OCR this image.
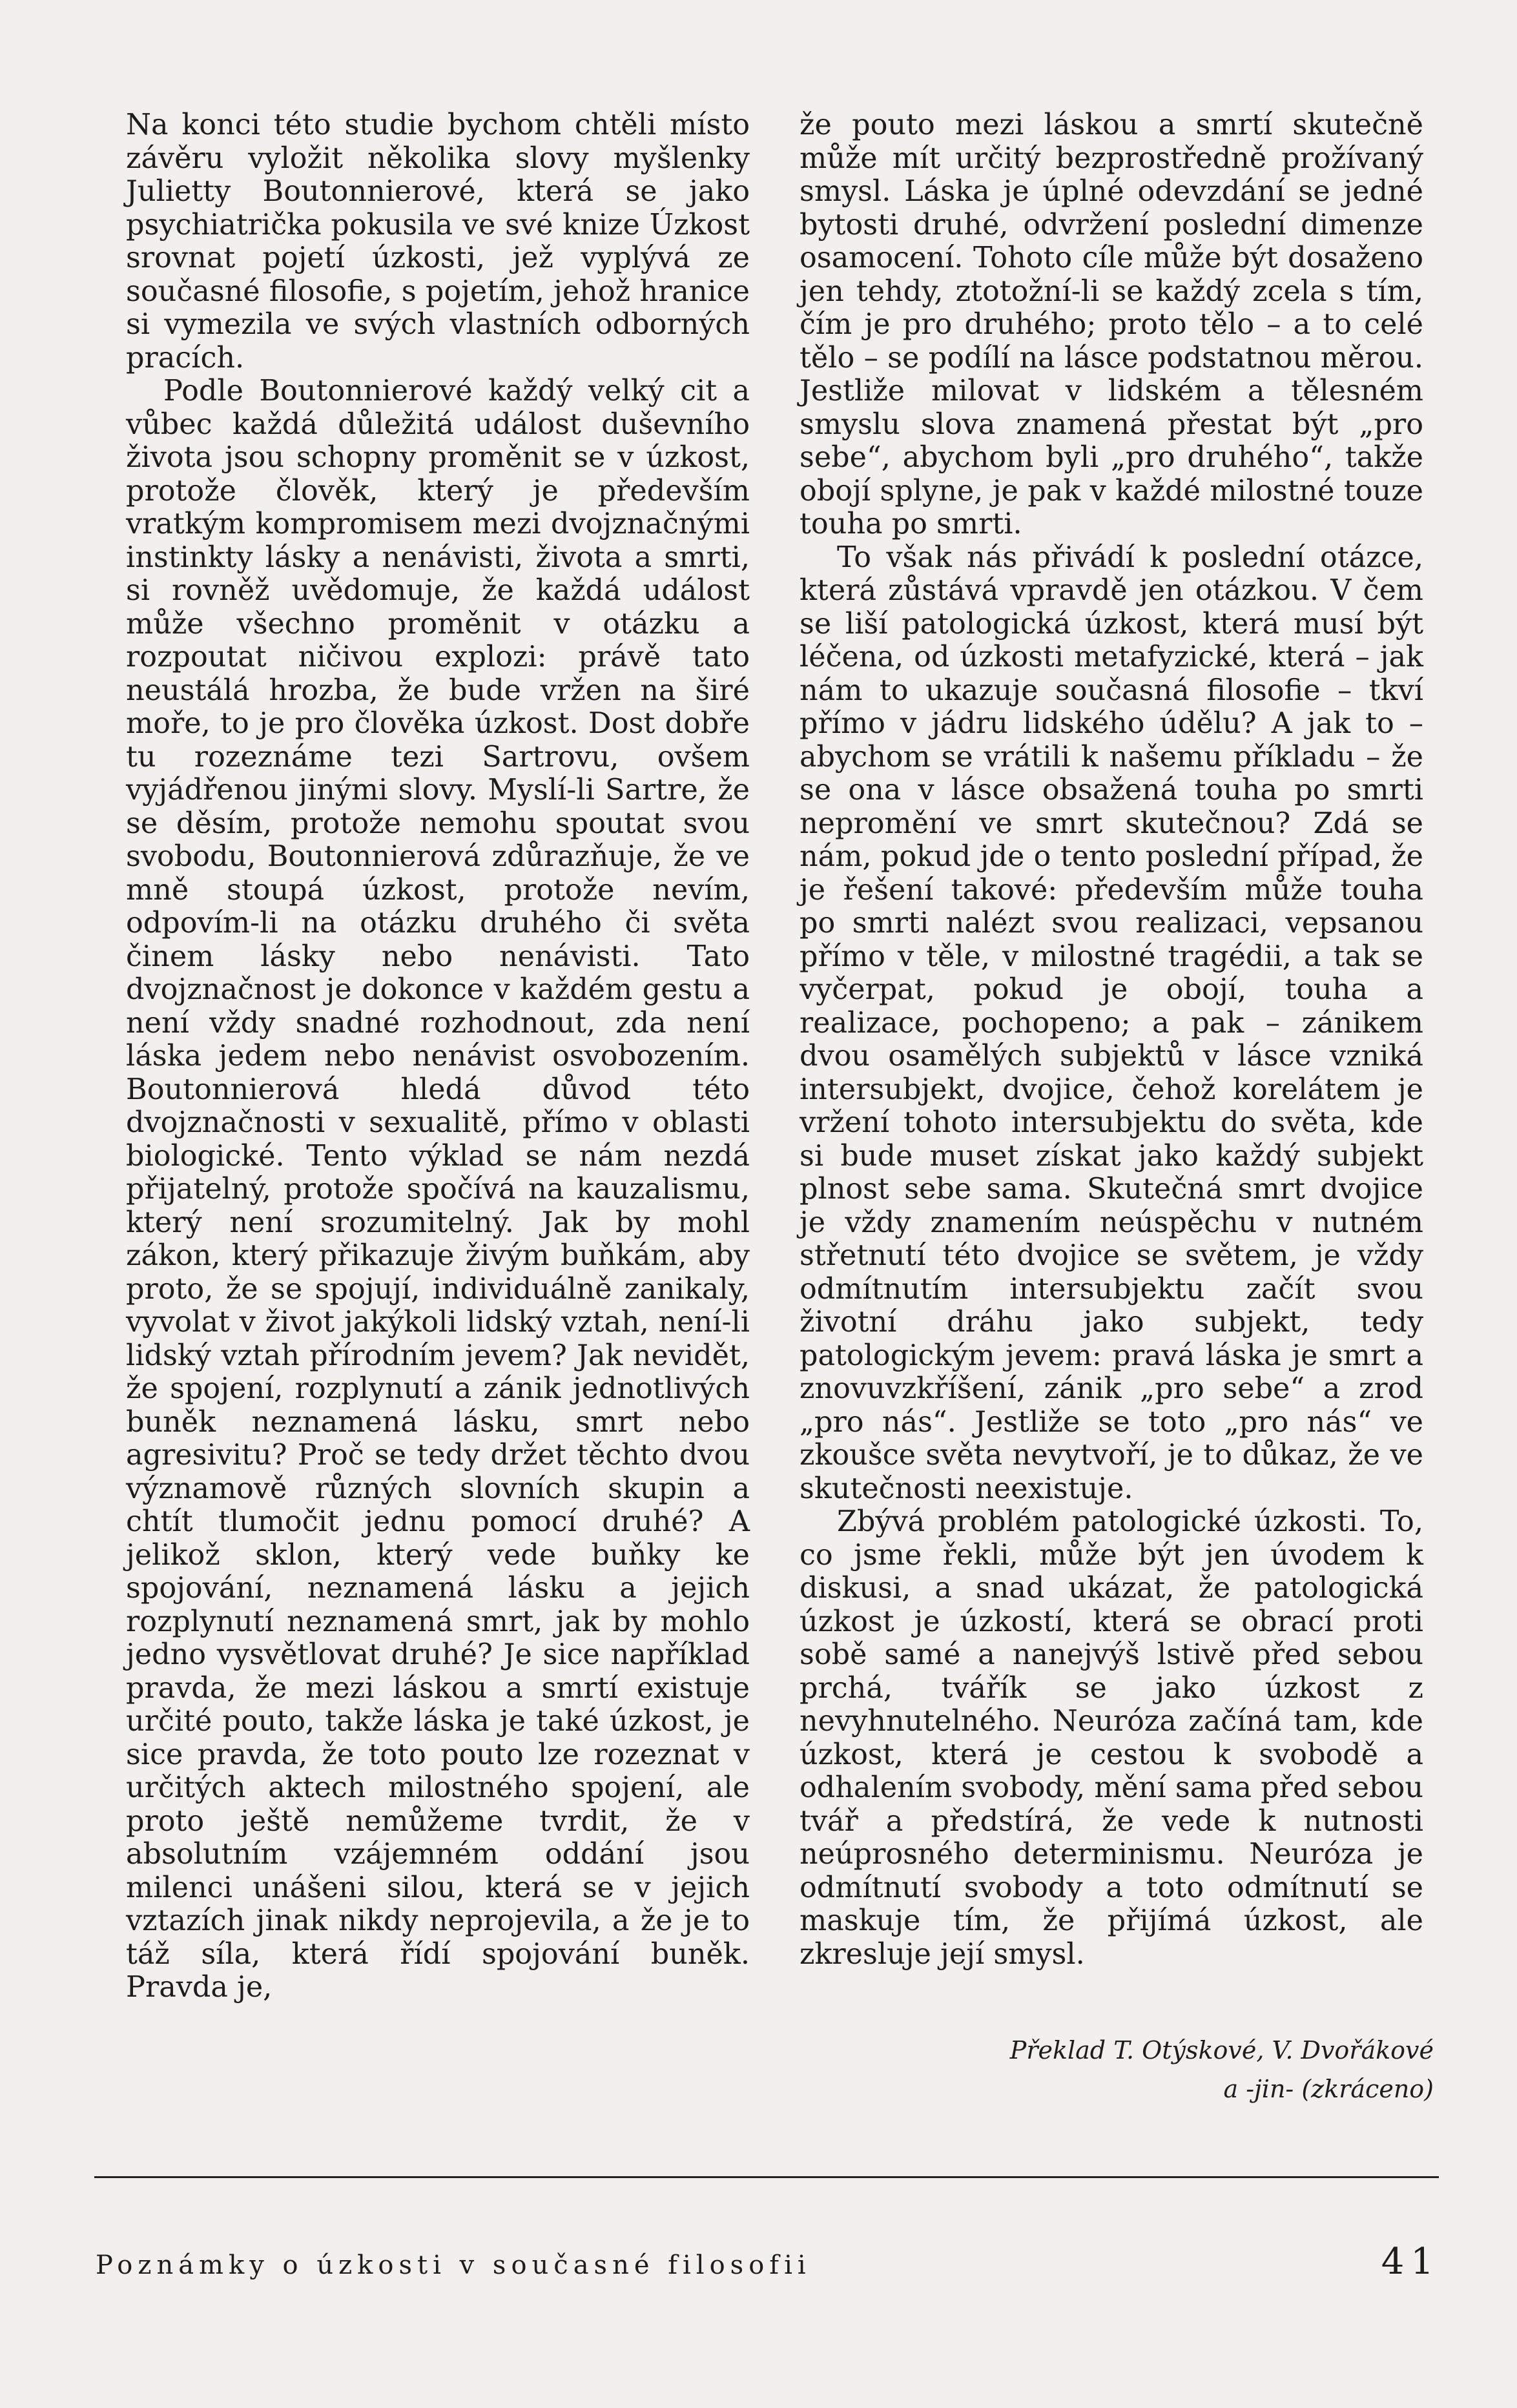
Na konci této studie bychom chtěli místo závěru vyložit několika slovy myšlenky Julietty Boutonnierové, která se jako psychiatrička pokusila ve své knize Úzkost srovnat pojetí úzkosti, jež vyplývá ze současné filosofie, s pojetím, jehož hranice si vymezila ve svých vlastních odborných pracích.

Podle Boutonnierové každý velký cit a vůbec každá důležitá událost duševního života jsou schopny proměnit se v úzkost, protože člověk, který je především vratkým kompromisem mezi dvojznačnými instinkty lásky a nenávisti, života a smrti, si rovněž uvědomuje, že každá událost může všechno proměnit v otázku a rozpoutat ničivou explozi: právě tato neustálá hrozba, že bude vržen na širé moře, to je pro člověka úzkost. Dost dobře tu rozeznáme tezi Sartrovu, ovšem vyjádřenou jinými slovy. Myslí-li Sartre, že se děsím, protože nemohu spoutat svou svobodu, Boutonnierová zdůrazňuje, že ve mně stoupá úzkost, protože nevím, odpovím-li na otázku druhého či světa činem lásky nebo nenávisti. Tato dvojznačnost je dokonce v každém gestu a není vždy snadné rozhodnout, zda není láska jedem nebo nenávist osvobozením. Boutonnierová hledá důvod této dvojznačnosti v sexualitě, přímo v oblasti biologické. Tento výklad se nám nezdá přijatelný, protože spočívá na kauzalismu, který není srozumitelný. Jak by mohl zákon, který přikazuje živým buňkám, aby proto, že se spojují, individuálně zanikaly, vyvolat v život jakýkoli lidský vztah, není-li lidský vztah přírodním jevem? Jak nevidět, že spojení, rozplynutí a zánik jednotlivých buněk neznamená lásku, smrt nebo agresivitu? Proč se tedy držet těchto dvou významově různých slovních skupin a chtít tlumočit jednu pomocí druhé? A jelikož sklon, který vede buňky ke spojování, neznamená lásku a jejich rozplynutí neznamená smrt, jak by mohlo jedno vysvětlovat druhé? Je sice například pravda, že mezi láskou a smrtí existuje určité pouto, takže láska je také úzkost, je sice pravda, že toto pouto lze rozeznat v určitých aktech milostného spojení, ale proto ještě nemůžeme tvrdit, že v absolutním vzájemném oddání jsou milenci unášeni silou, která se v jejich vztazích jinak nikdy neprojevila, a že je to táž síla, která řídí spojování buněk. Pravda je,

že pouto mezi láskou a smrtí skutečně může mít určitý bezprostředně prožívaný smysl. Láska je úplné odevzdání se jedné bytosti druhé, odvržení poslední dimenze osamocení. Tohoto cíle může být dosaženo jen tehdy, ztotožní-li se každý zcela s tím, čím je pro druhého; proto tělo – a to celé tělo – se podílí na lásce podstatnou měrou. Jestliže milovat v lidském a tělesném smyslu slova znamená přestat být „pro sebe“, abychom byli „pro druhého“, takže obojí splyne, je pak v každé milostné touze touha po smrti.

To však nás přivádí k poslední otázce, která zůstává vpravdě jen otázkou. V čem se liší patologická úzkost, která musí být léčena, od úzkosti metafyzické, která – jak nám to ukazuje současná filosofie – tkví přímo v jádru lidského údělu? A jak to – abychom se vrátili k našemu příkladu – že se ona v lásce obsažená touha po smrti nepromění ve smrt skutečnou? Zdá se nám, pokud jde o tento poslední případ, že je řešení takové: především může touha po smrti nalézt svou realizaci, vepsanou přímo v těle, v milostné tragédii, a tak se vyčerpat, pokud je obojí, touha a realizace, pochopeno; a pak – zánikem dvou osamělých subjektů v lásce vzniká intersubjekt, dvojice, čehož korelátem je vržení tohoto intersubjektu do světa, kde si bude muset získat jako každý subjekt plnost sebe sama. Skutečná smrt dvojice je vždy znamením neúspěchu v nutném střetnutí této dvojice se světem, je vždy odmítnutím intersubjektu začít svou životní dráhu jako subjekt, tedy patologickým jevem: pravá láska je smrt a znovuvzkříšení, zánik „pro sebe“ a zrod „pro nás“. Jestliže se toto „pro nás“ ve zkoušce světa nevytvoří, je to důkaz, že ve skutečnosti neexistuje.

Zbývá problém patologické úzkosti. To, co jsme řekli, může být jen úvodem k diskusi, a snad ukázat, že patologická úzkost je úzkostí, která se obrací proti sobě samé a nanejvýš lstivě před sebou prchá, tvářík se jako úzkost z nevyhnutelného. Neuróza začíná tam, kde úzkost, která je cestou k svobodě a odhalením svobody, mění sama před sebou tvář a předstírá, že vede k nutnosti neúprosného determinismu. Neuróza je odmítnutí svobody a toto odmítnutí se maskuje tím, že přijímá úzkost, ale zkresluje její smysl.

Překlad T. Otýskové, V. Dvořákové
a -jin- (zkráceno)
Poznámky o úzkosti v současné filosofii	41
